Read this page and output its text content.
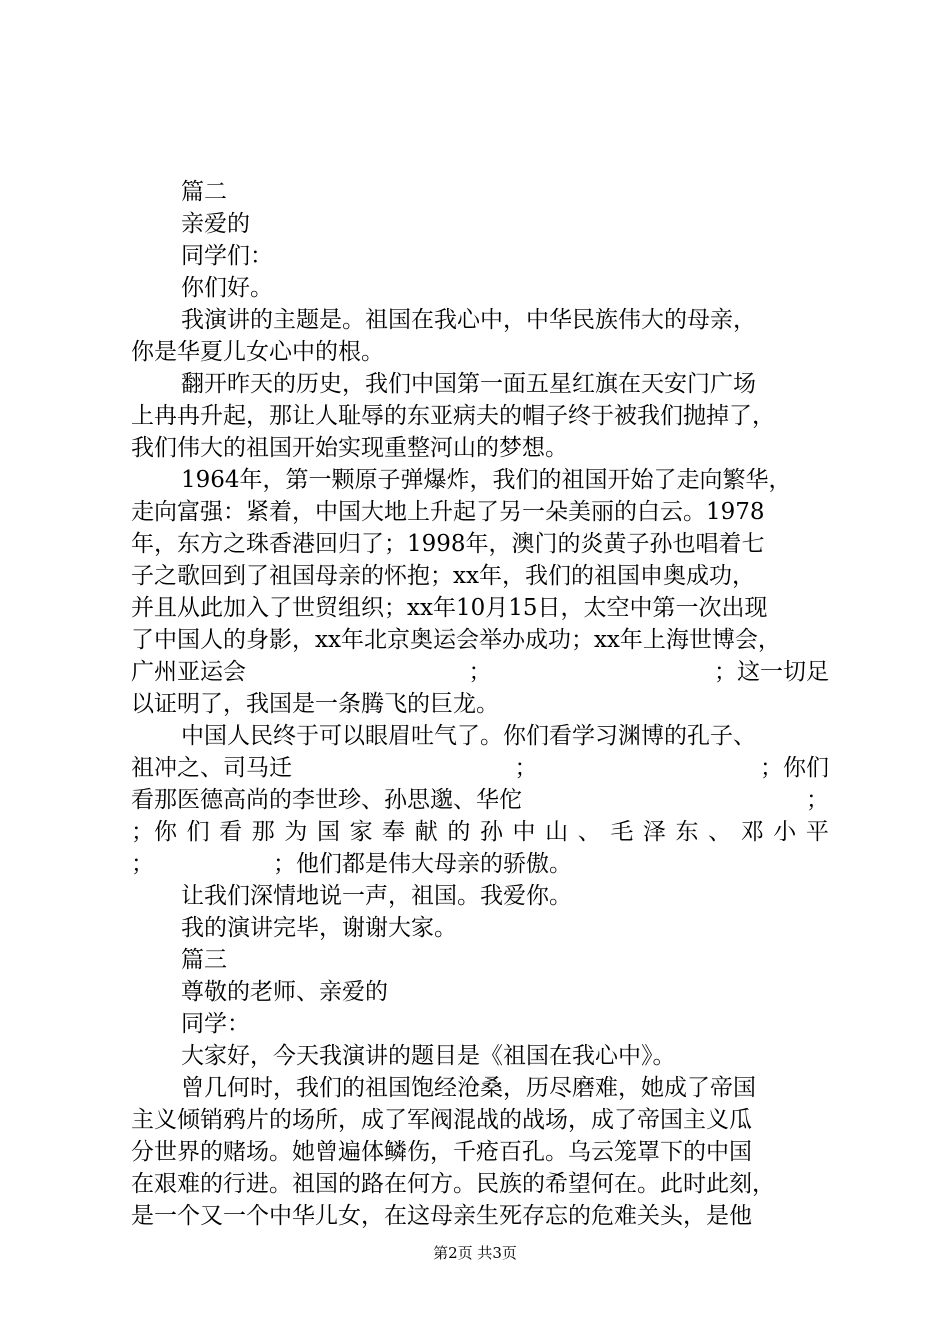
篇二

亲爱的

同学们：

你们好。

我演讲的主题是。祖国在我心中，中华民族伟大的母亲，

你是华夏儿女心中的根。

翻开昨天的历史，我们中国第一面五星红旗在天安门广场

上冉冉升起，那让人耻辱的东亚病夫的帽子终于被我们抛掉了，

我们伟大的祖国开始实现重整河山的梦想。

1964年，第一颗原子弹爆炸，我们的祖国开始了走向繁华，

走向富强：紧着，中国大地上升起了另一朵美丽的白云。1978

年，东方之珠香港回归了；1998年，澳门的炎黄子孙也唱着七

子之歌回到了祖国母亲的怀抱；xx年，我们的祖国申奥成功，

并且从此加入了世贸组织；xx年10月15日，太空中第一次出现

了中国人的身影，xx年北京奥运会举办成功；xx年上海世博会，

广州亚运会	；	；这一切足

以证明了，我国是一条腾飞的巨龙。

中国人民终于可以眼眉吐气了。你们看学习渊博的孔子、

祖冲之、司马迁	；	；你们

看那医德高尚的李世珍、孙思邈、华佗	；

；你 们 看 那 为 国 家 奉 献 的 孙 中 山 、 毛 泽 东 、 邓 小 平

；	；他们都是伟大母亲的骄傲。

让我们深情地说一声，祖国。我爱你。

我的演讲完毕，谢谢大家。

篇三

尊敬的老师、亲爱的

同学：

大家好，今天我演讲的题目是《祖国在我心中》。

曾几何时，我们的祖国饱经沧桑，历尽磨难，她成了帝国

主义倾销鸦片的场所，成了军阀混战的战场，成了帝国主义瓜

分世界的赌场。她曾遍体鳞伤，千疮百孔。乌云笼罩下的中国

在艰难的行进。祖国的路在何方。民族的希望何在。此时此刻，

是一个又一个中华儿女，在这母亲生死存忘的危难关头，是他

第2页 共3页
